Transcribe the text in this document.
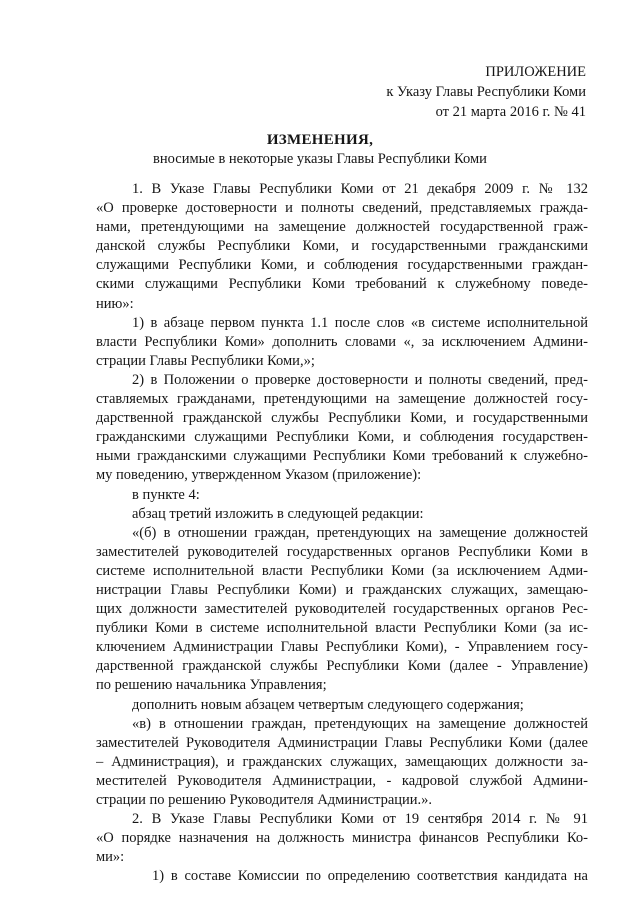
ПРИЛОЖЕНИЕ
к Указу Главы Республики Коми
от 21 марта 2016 г. № 41
ИЗМЕНЕНИЯ,
вносимые в некоторые указы Главы Республики Коми
1. В Указе Главы Республики Коми от 21 декабря 2009 г. № 132
«О проверке достоверности и полноты сведений, представляемых гражда-
нами, претендующими на замещение должностей государственной граж-
данской службы Республики Коми, и государственными гражданскими
служащими Республики Коми, и соблюдения государственными граждан-
скими служащими Республики Коми требований к служебному поведе-
нию»:
1) в абзаце первом пункта 1.1 после слов «в системе исполнительной
власти Республики Коми» дополнить словами «, за исключением Админи-
страции Главы Республики Коми,»;
2) в Положении о проверке достоверности и полноты сведений, пред-
ставляемых гражданами, претендующими на замещение должностей госу-
дарственной гражданской службы Республики Коми, и государственными
гражданскими служащими Республики Коми, и соблюдения государствен-
ными гражданскими служащими Республики Коми требований к служебно-
му поведению, утвержденном Указом (приложение):
в пункте 4:
абзац третий изложить в следующей редакции:
«(б) в отношении граждан, претендующих на замещение должностей
заместителей руководителей государственных органов Республики Коми в
системе исполнительной власти Республики Коми (за исключением Адми-
нистрации Главы Республики Коми) и гражданских служащих, замещаю-
щих должности заместителей руководителей государственных органов Рес-
публики Коми в системе исполнительной власти Республики Коми (за ис-
ключением Администрации Главы Республики Коми), - Управлением госу-
дарственной гражданской службы Республики Коми (далее - Управление)
по решению начальника Управления;
дополнить новым абзацем четвертым следующего содержания;
«в) в отношении граждан, претендующих на замещение должностей
заместителей Руководителя Администрации Главы Республики Коми (далее
– Администрация), и гражданских служащих, замещающих должности за-
местителей Руководителя Администрации, - кадровой службой Админи-
страции по решению Руководителя Администрации.».
2. В Указе Главы Республики Коми от 19 сентября 2014 г. № 91
«О порядке назначения на должность министра финансов Республики Ко-
ми»:
1) в составе Комиссии по определению соответствия кандидата на
